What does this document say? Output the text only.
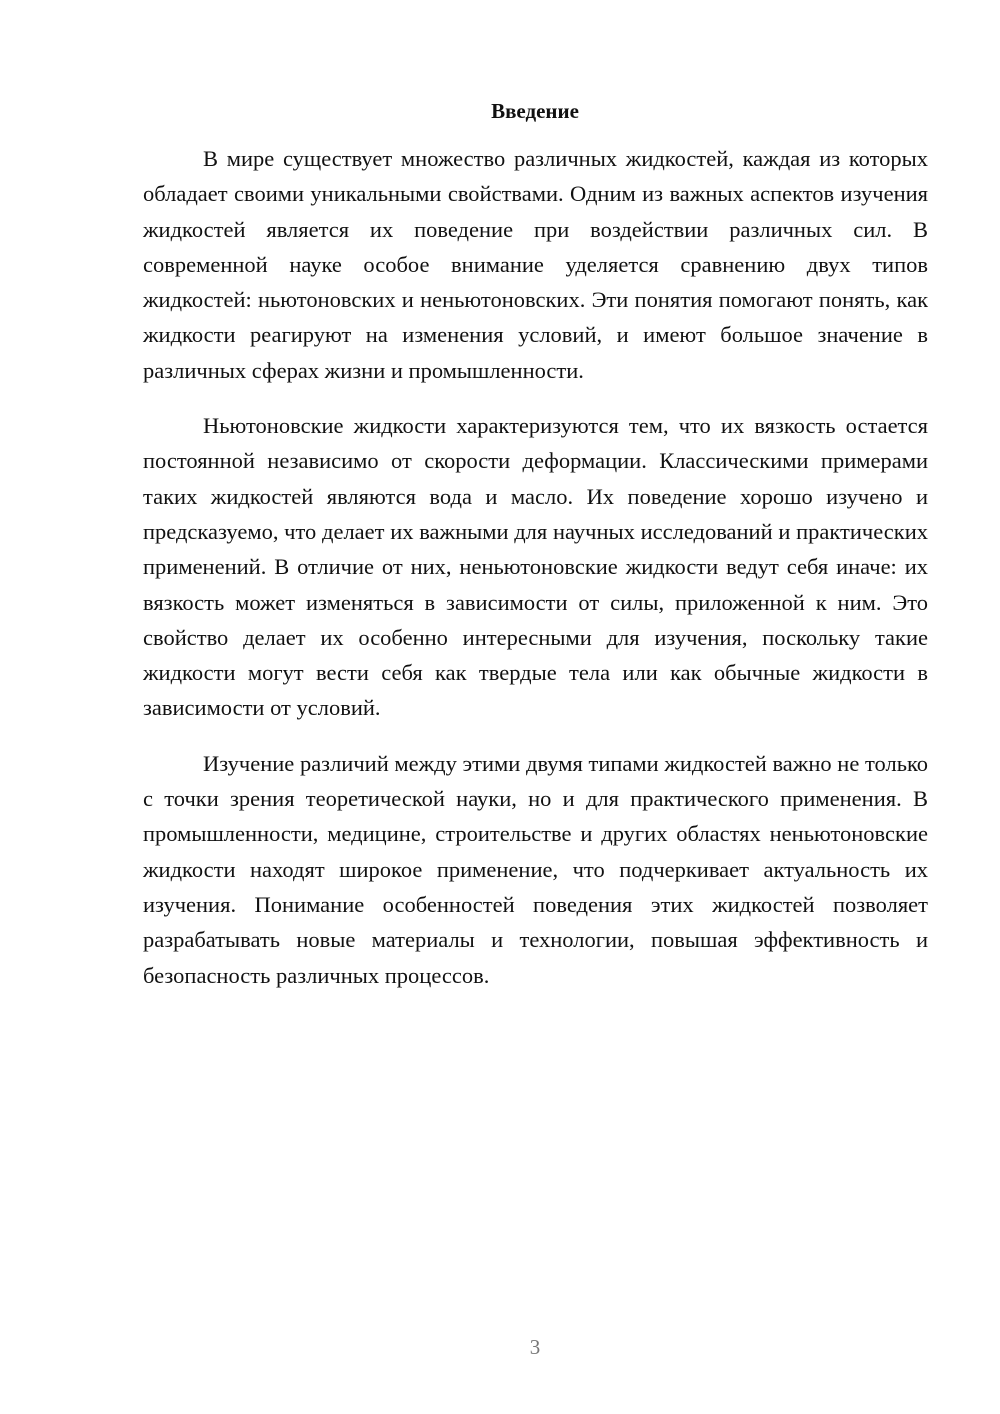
Введение

В мире существует множество различных жидкостей, каждая из которых обладает своими уникальными свойствами. Одним из важных аспектов изучения жидкостей является их поведение при воздействии различных сил. В современной науке особое внимание уделяется сравнению двух типов жидкостей: ньютоновских и неньютоновских. Эти понятия помогают понять, как жидкости реагируют на изменения условий, и имеют большое значение в различных сферах жизни и промышленности.

Ньютоновские жидкости характеризуются тем, что их вязкость остается постоянной независимо от скорости деформации. Классическими примерами таких жидкостей являются вода и масло. Их поведение хорошо изучено и предсказуемо, что делает их важными для научных исследований и практических применений. В отличие от них, неньютоновские жидкости ведут себя иначе: их вязкость может изменяться в зависимости от силы, приложенной к ним. Это свойство делает их особенно интересными для изучения, поскольку такие жидкости могут вести себя как твердые тела или как обычные жидкости в зависимости от условий.

Изучение различий между этими двумя типами жидкостей важно не только с точки зрения теоретической науки, но и для практического применения. В промышленности, медицине, строительстве и других областях неньютоновские жидкости находят широкое применение, что подчеркивает актуальность их изучения. Понимание особенностей поведения этих жидкостей позволяет разрабатывать новые материалы и технологии, повышая эффективность и безопасность различных процессов.

3
